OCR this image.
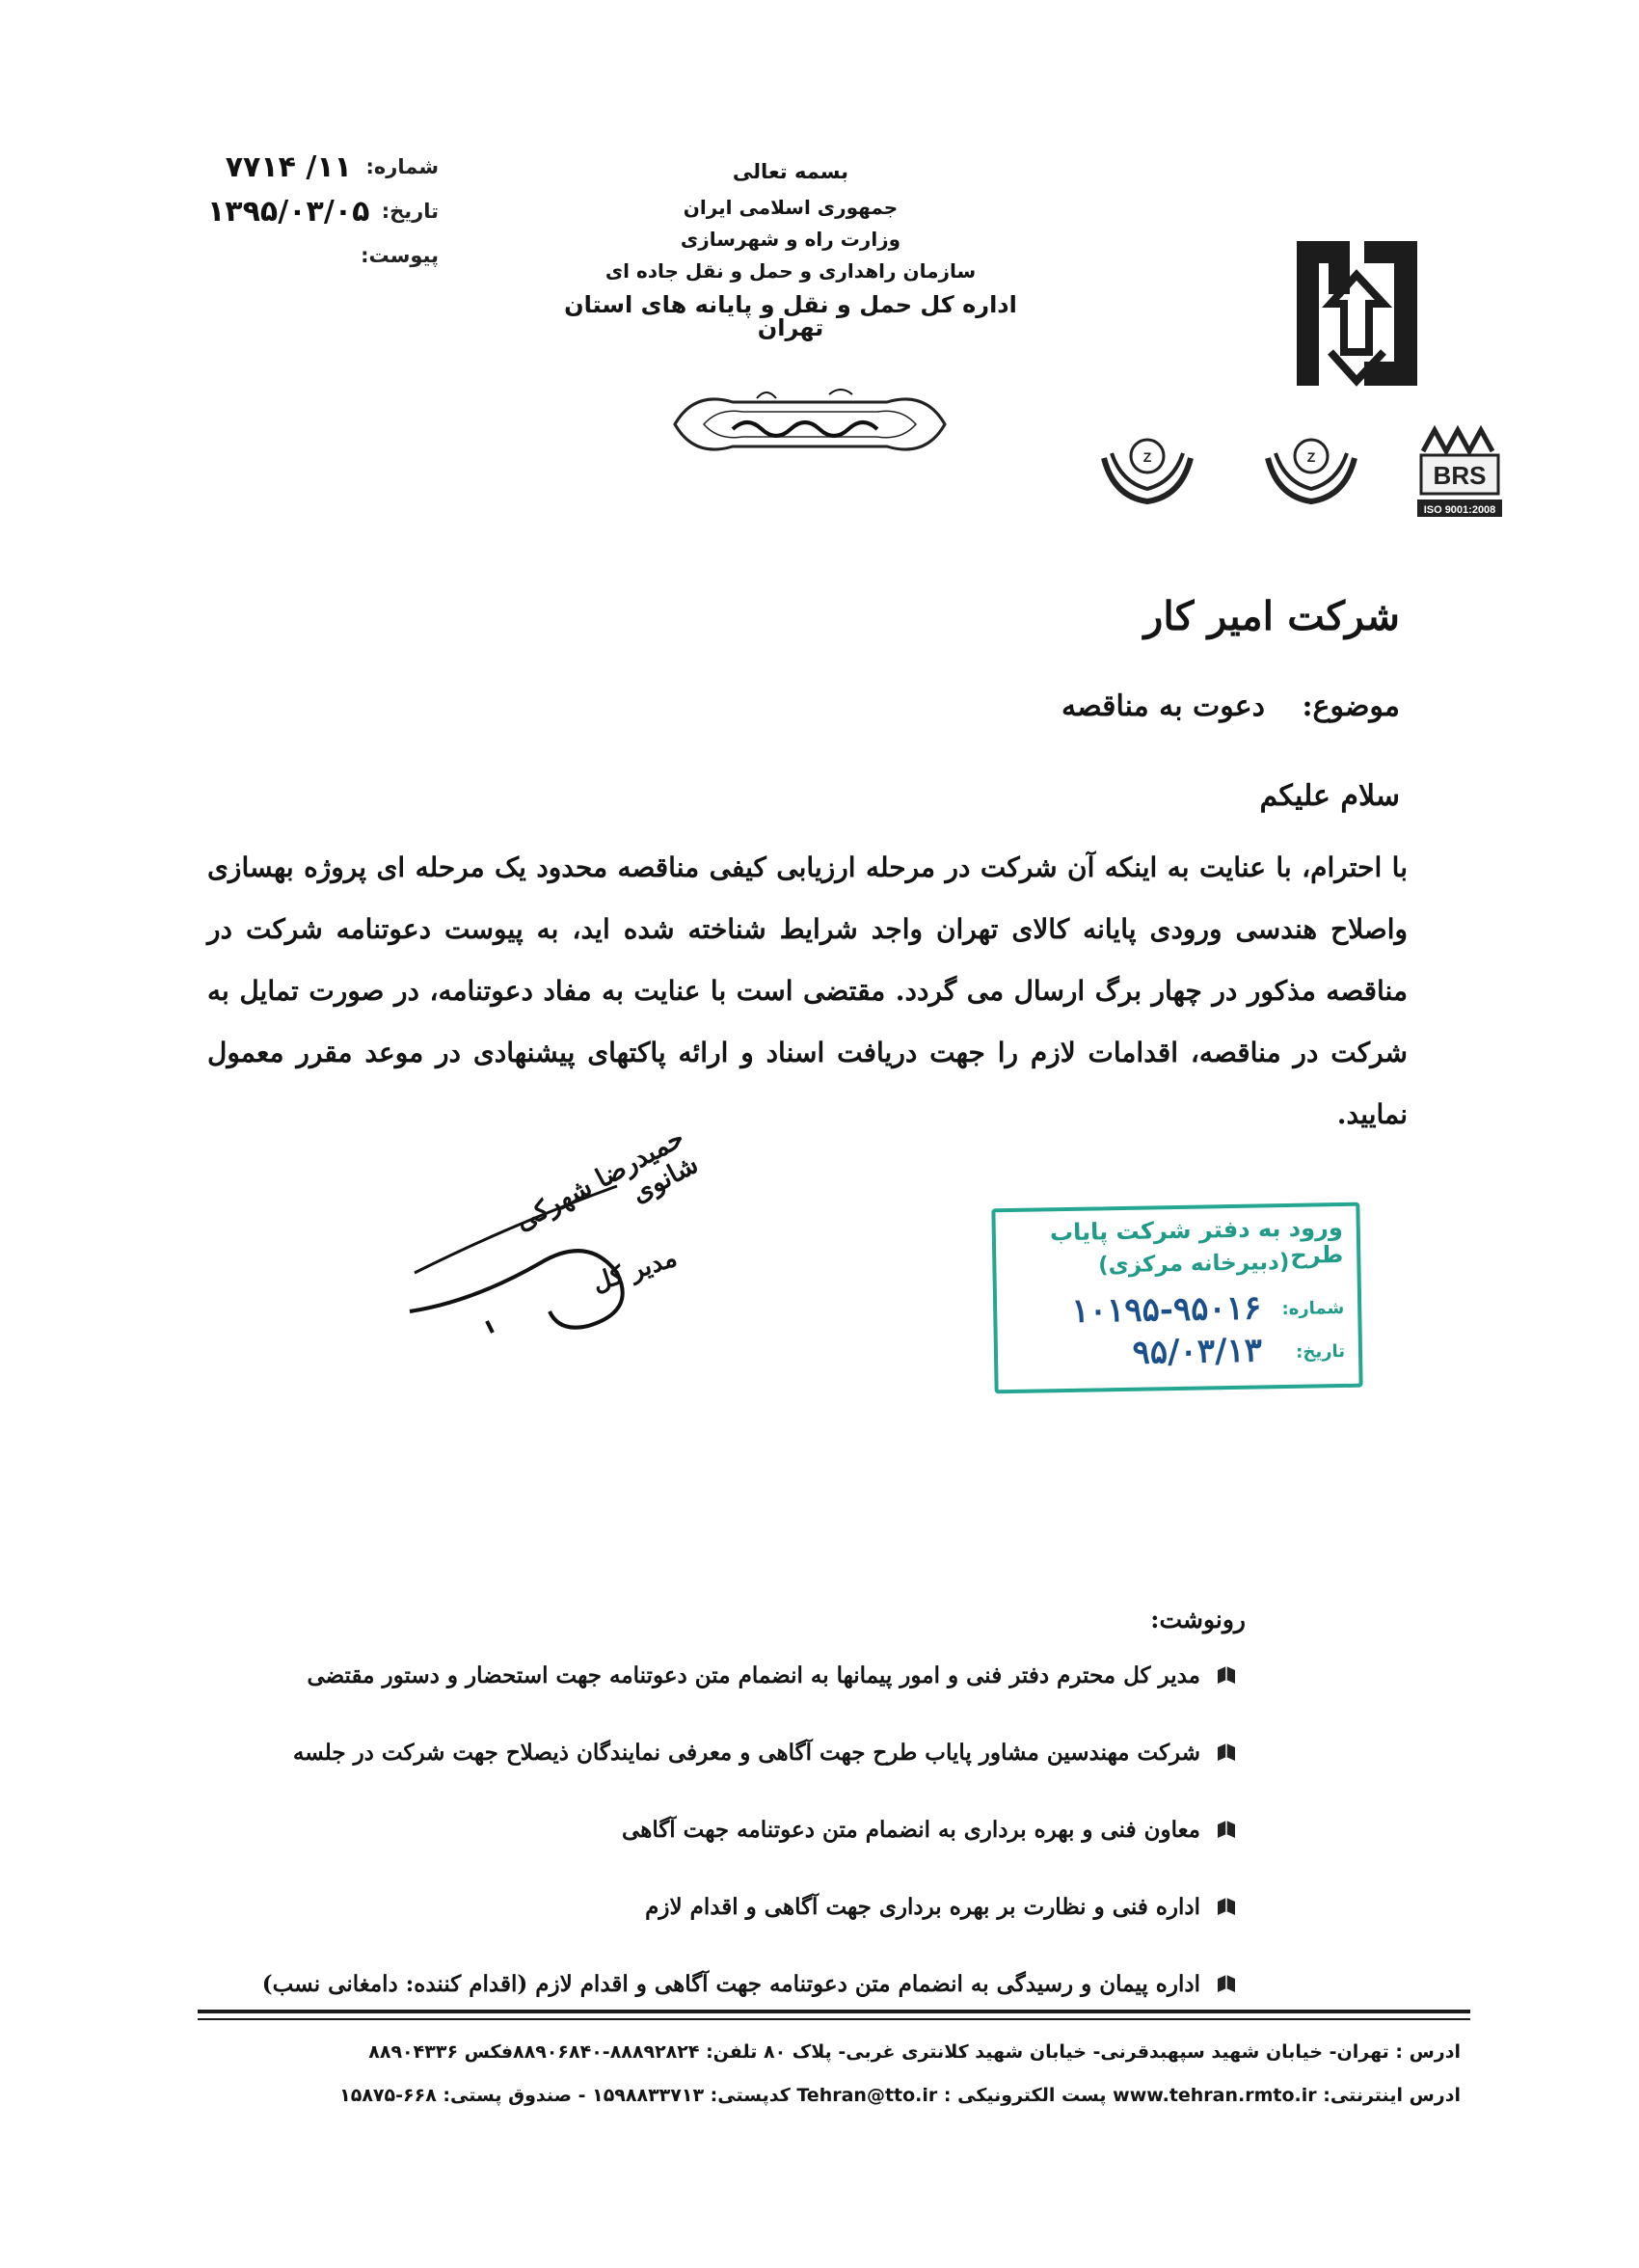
شماره:
۱۱/ ۷۷۱۴
تاریخ:
۱۳۹۵/۰۳/۰۵
پیوست:
بسمه تعالی
جمهوری اسلامی ایران
وزارت راه و شهرسازی
سازمان راهداری و حمل و نقل جاده ای
اداره کل حمل و نقل و پایانه های استان تهران
Z	Z
BRS
ISO 9001:2008
شرکت امیر کار
موضوع: دعوت به مناقصه
سلام علیکم
با احترام، با عنایت به اینکه آن شرکت در مرحله ارزیابی کیفی مناقصه محدود یک مرحله ای پروژه بهسازی واصلاح هندسی ورودی پایانه کالای تهران واجد شرایط شناخته شده اید، به پیوست دعوتنامه شرکت در مناقصه مذکور در چهار برگ ارسال می گردد. مقتضی است با عنایت به مفاد دعوتنامه، در صورت تمایل به شرکت در مناقصه، اقدامات لازم را جهت دریافت اسناد و ارائه پاکتهای پیشنهادی در موعد مقرر معمول نمایید.
حمیدرضا شهرکی شانوی
مدیر کل
ورود به دفتر شرکت پایاب طرح
(دبیرخانه مرکزی)
شماره:
۱۰۱۹۵-۹۵۰۱۶
تاریخ:
۹۵/۰۳/۱۳
رونوشت:
مدیر کل محترم دفتر فنی و امور پیمانها به انضمام متن دعوتنامه جهت استحضار و دستور مقتضی
شرکت مهندسین مشاور پایاب طرح جهت آگاهی و معرفی نمایندگان ذیصلاح جهت شرکت در جلسه
معاون فنی و بهره برداری به انضمام متن دعوتنامه جهت آگاهی
اداره فنی و نظارت بر بهره برداری جهت آگاهی و اقدام لازم
اداره پیمان و رسیدگی به انضمام متن دعوتنامه جهت آگاهی و اقدام لازم (اقدام کننده: دامغانی نسب)
ادرس : تهران- خیابان شهید سپهبدقرنی- خیابان شهید کلانتری غربی- پلاک ۸۰ تلفن: ۸۸۸۹۲۸۲۴-۸۸۹۰۶۸۴۰فکس ۸۸۹۰۴۳۳۶
ادرس اینترنتی: www.tehran.rmto.ir پست الکترونیکی : Tehran@tto.ir کدپستی: ۱۵۹۸۸۳۳۷۱۳ - صندوق پستی: ۶۶۸-۱۵۸۷۵
